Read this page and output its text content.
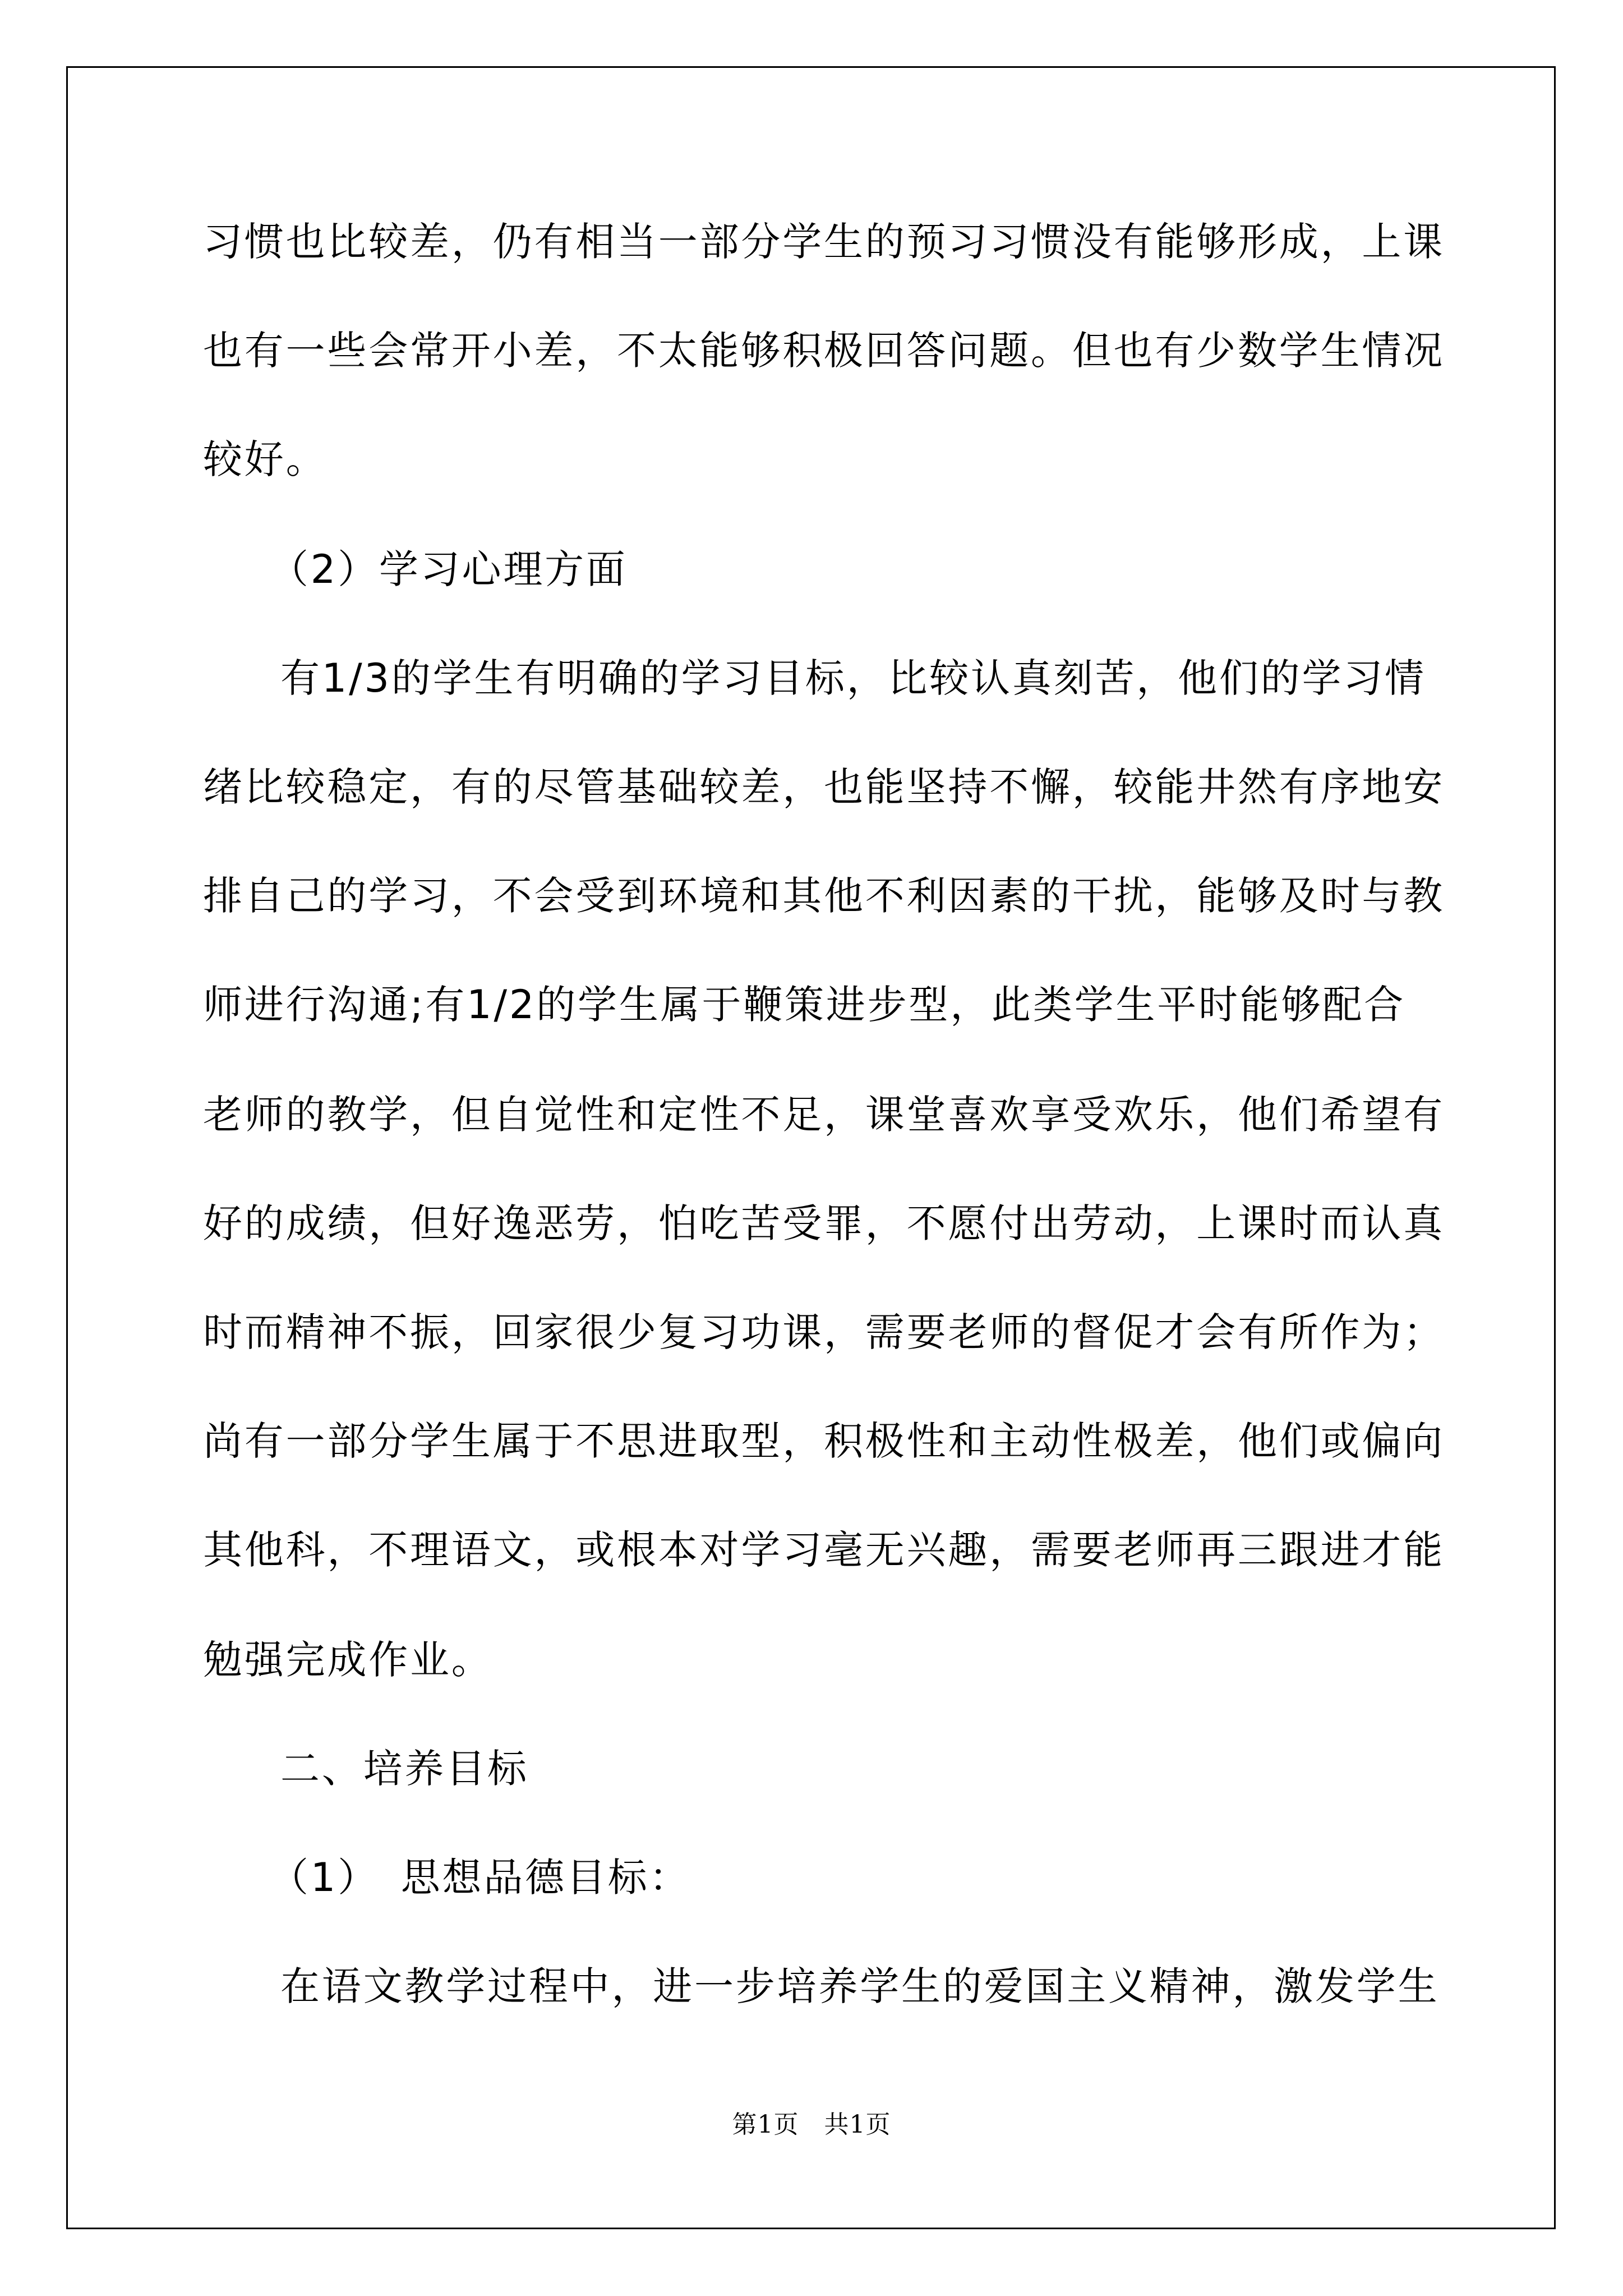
习惯也比较差，仍有相当一部分学生的预习习惯没有能够形成，上课
也有一些会常开小差，不太能够积极回答问题。但也有少数学生情况
较好。
（2）学习心理方面
有1/3的学生有明确的学习目标，比较认真刻苦，他们的学习情
绪比较稳定，有的尽管基础较差，也能坚持不懈，较能井然有序地安
排自己的学习，不会受到环境和其他不利因素的干扰，能够及时与教
师进行沟通;有1/2的学生属于鞭策进步型，此类学生平时能够配合
老师的教学，但自觉性和定性不足，课堂喜欢享受欢乐，他们希望有
好的成绩，但好逸恶劳，怕吃苦受罪，不愿付出劳动，上课时而认真
时而精神不振，回家很少复习功课，需要老师的督促才会有所作为；
尚有一部分学生属于不思进取型，积极性和主动性极差，他们或偏向
其他科，不理语文，或根本对学习毫无兴趣，需要老师再三跟进才能
勉强完成作业。
二、培养目标
（1）　思想品德目标：
在语文教学过程中，进一步培养学生的爱国主义精神，激发学生
第1页　共1页
